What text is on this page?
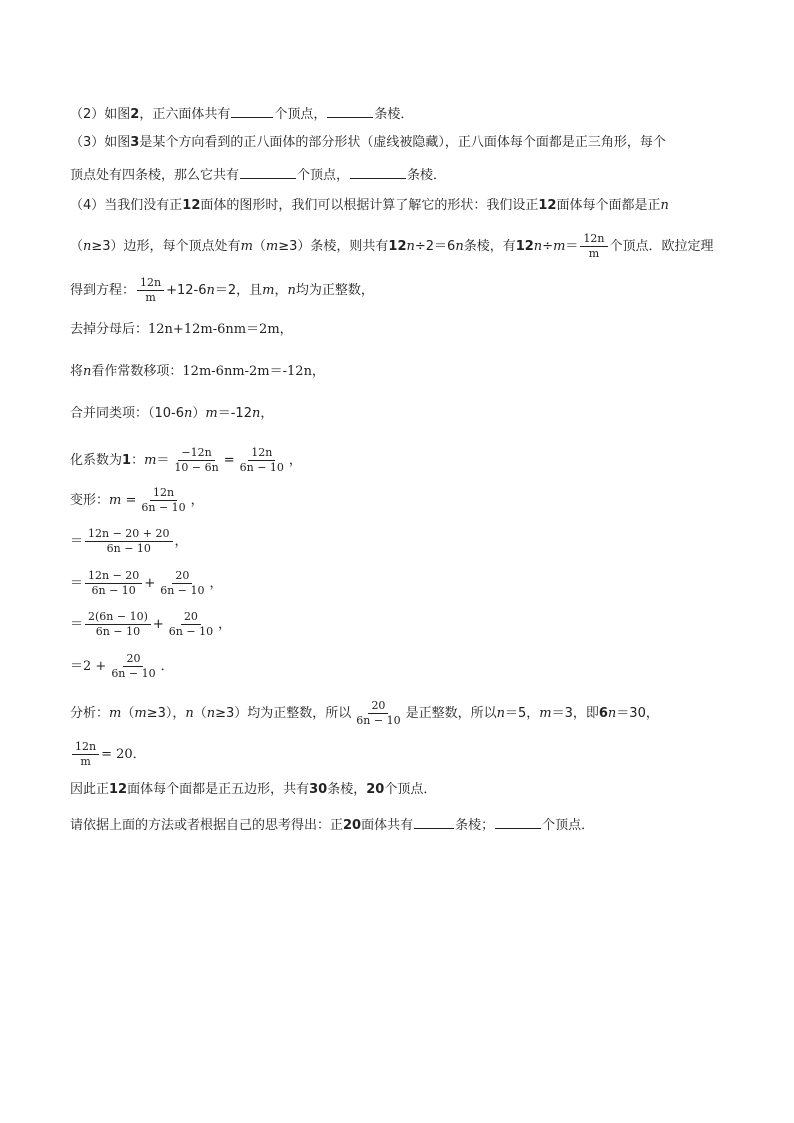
（2）如图2，正六面体共有	个顶点，	条棱．
（3）如图3是某个方向看到的正八面体的部分形状（虚线被隐藏），正八面体每个面都是正三角形，每个
顶点处有四条棱，那么它共有	个顶点，	条棱．
（4）当我们没有正12面体的图形时，我们可以根据计算了解它的形状：我们设正12面体每个面都是正n
（n≥3）边形，每个顶点处有m（m≥3）条棱，则共有12n÷2＝6n条棱，有$12n\div m= \frac{12n}{m}$ 个顶点．欧拉定理
得到方程： $\frac{12n}{m} +12-6n=2$，且m，n均为正整数，
去掉分母后：12n+12m-6nm＝2m，
将n看作常数移项：12m-6nm-2m＝-12n，
合并同类项：（10-6n）m＝-12n，
化系数为1：$m= \frac{-12n}{10 - 6n} = \frac{12n}{6n - 10}$ ，
变形：$m = \frac{12n}{6n - 10}$ ，
＝ $\frac{12n - 20 + 20}{6n - 10}$ ，
＝ $\frac{12n - 20}{6n - 10} + \frac{20}{6n - 10}$ ，
＝ $\frac{2(6n - 10)}{6n - 10} + \frac{20}{6n - 10}$ ，
$=2 + \frac{20}{6n - 10}$ ．
分析：m（m≥3），n（n≥3）均为正整数，所以 $\frac{20}{6n - 10}$ 是正整数，所以n＝5，m＝3，即6n＝30，
$\frac{12n}{m} = 20$．
因此正12面体每个面都是正五边形，共有30条棱，20个顶点．
请依据上面的方法或者根据自己的思考得出：正20面体共有	条棱；	个顶点．
